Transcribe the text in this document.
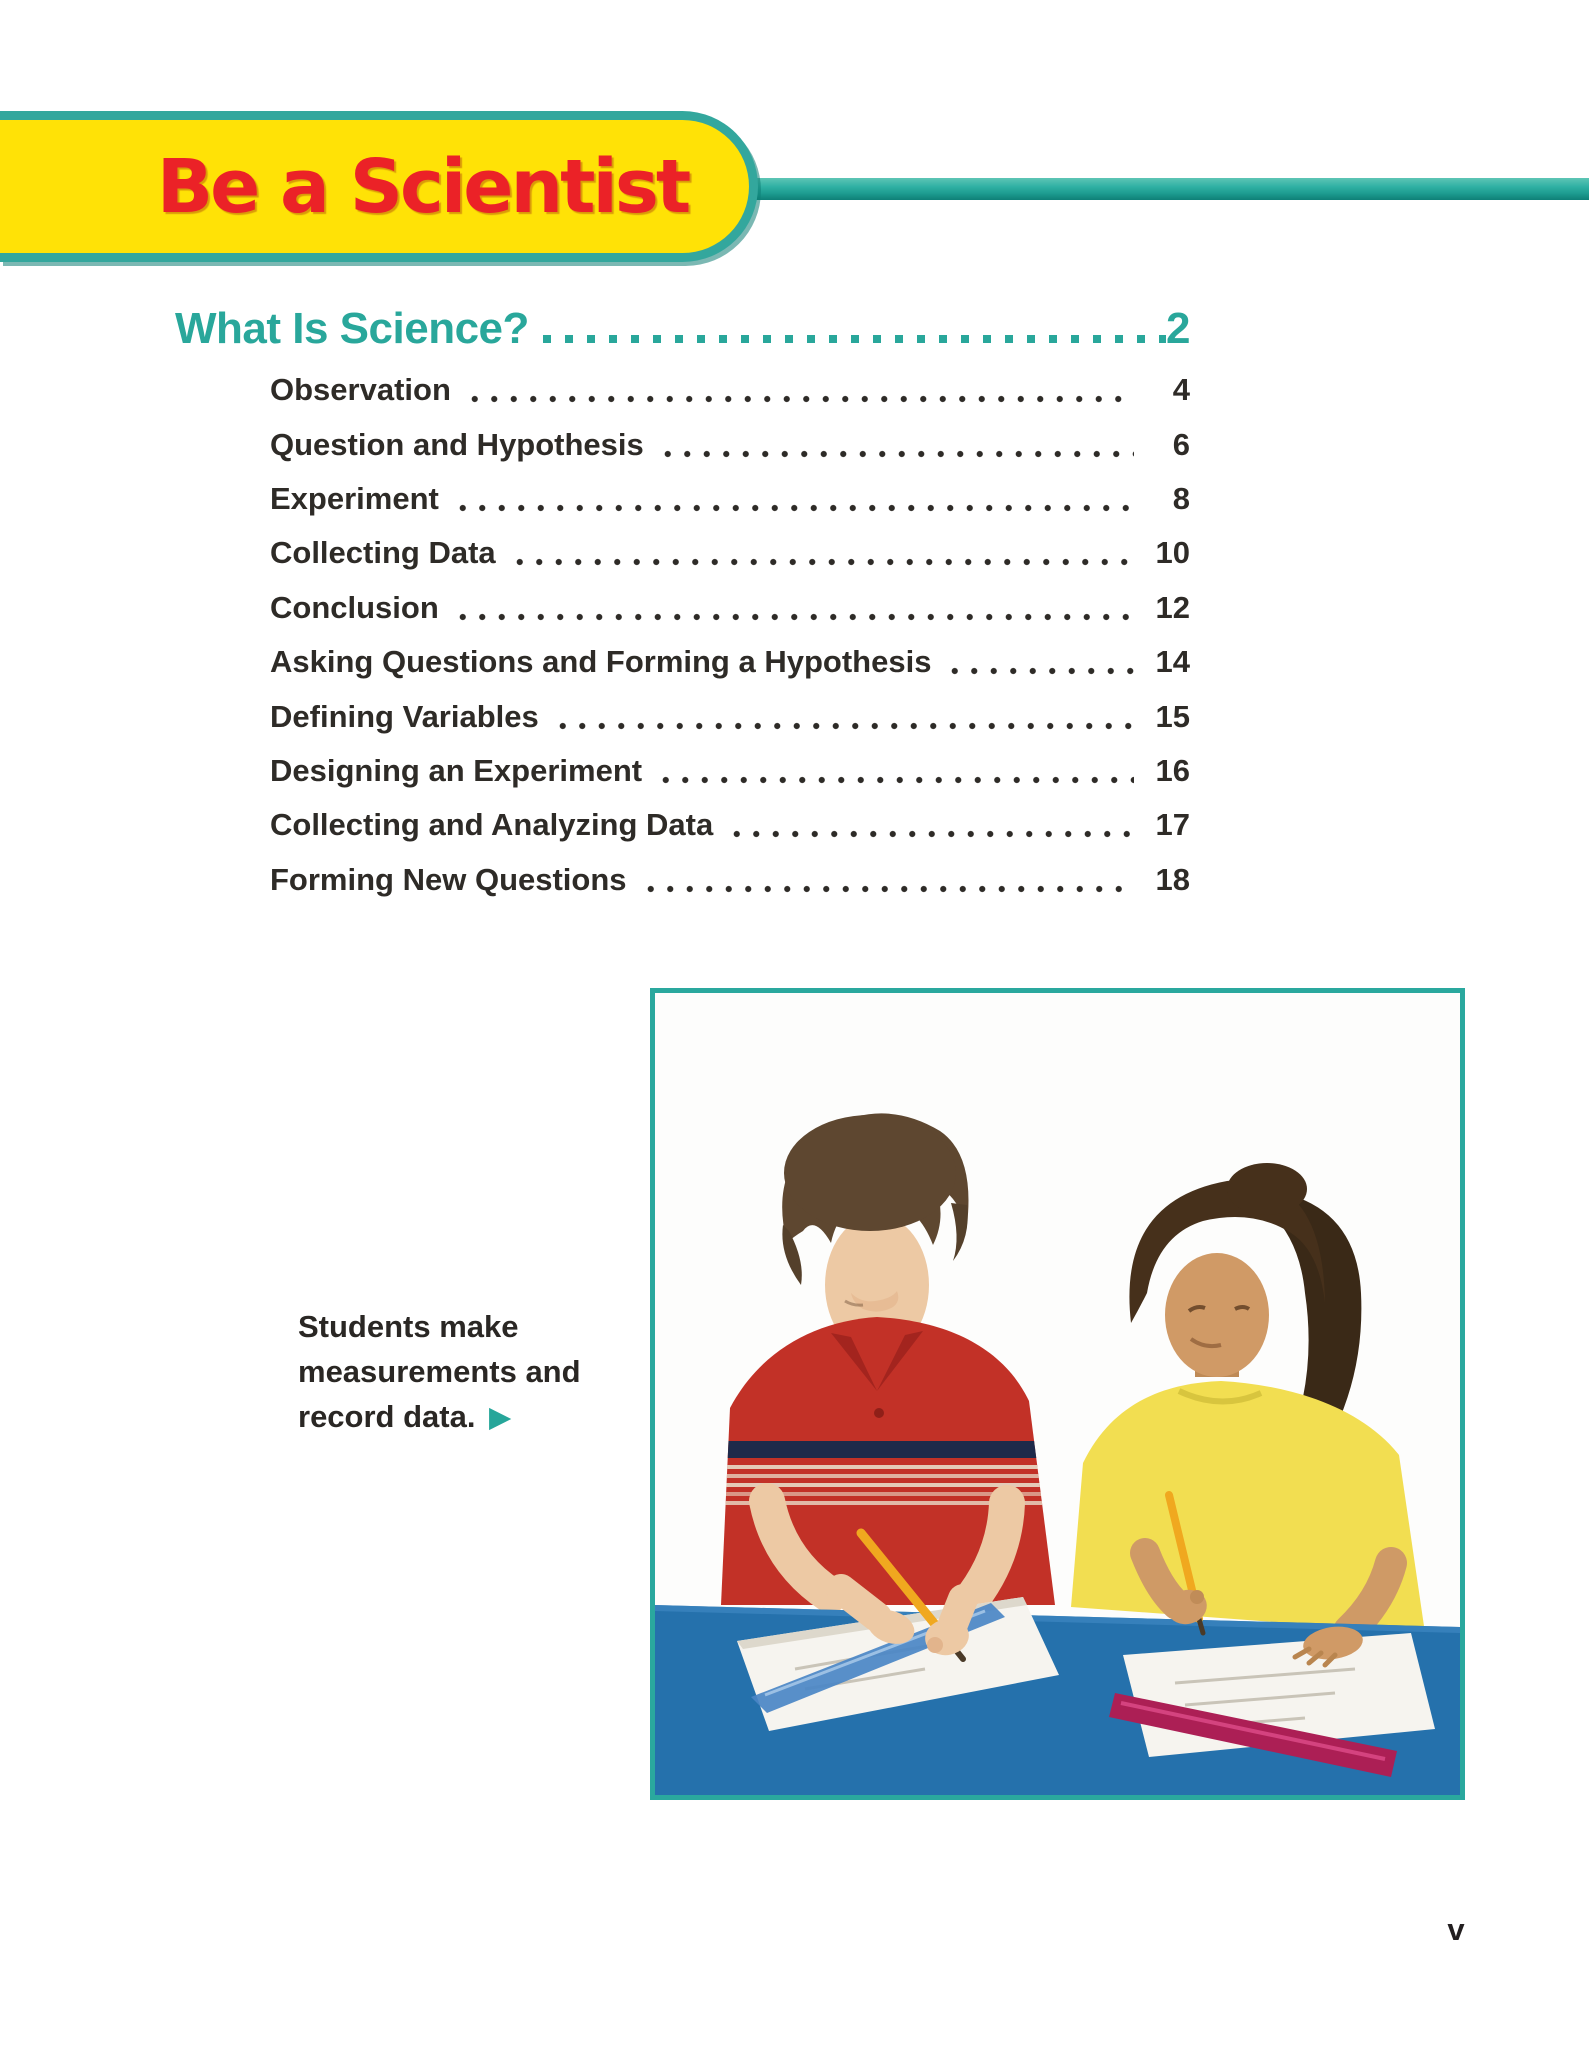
Be a Scientist
What Is Science?	2
Observation	4
Question and Hypothesis	6
Experiment	8
Collecting Data	10
Conclusion	12
Asking Questions and Forming a Hypothesis	14
Defining Variables	15
Designing an Experiment	16
Collecting and Analyzing Data	17
Forming New Questions	18
Students make
measurements and
record data. ▶
v
